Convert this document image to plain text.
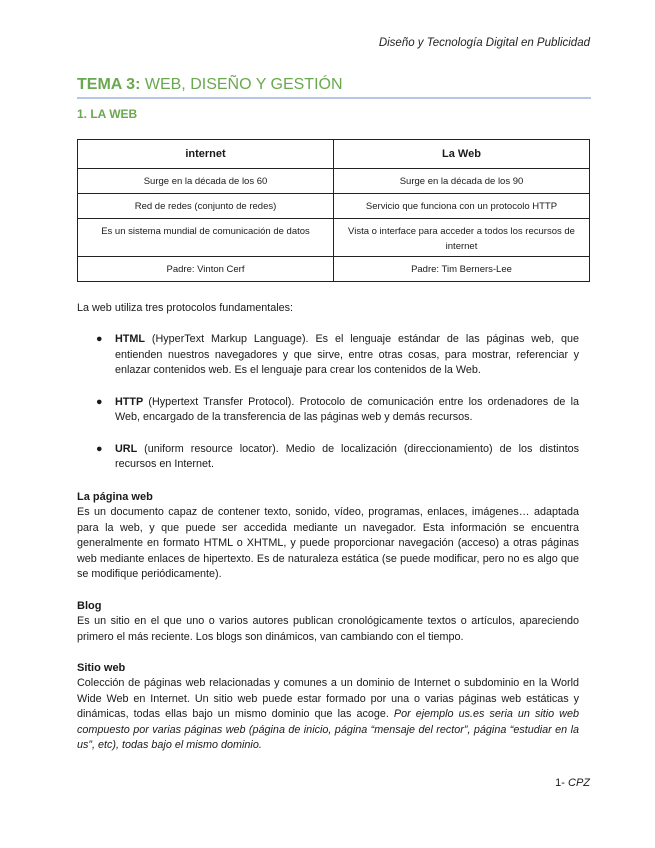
Diseño y Tecnología Digital en Publicidad
TEMA 3: WEB, DISEÑO Y GESTIÓN
1. LA WEB
internet	La Web
Surge en la década de los 60	Surge en la década de los 90
Red de redes (conjunto de redes)	Servicio que funciona con un protocolo HTTP
Es un sistema mundial de comunicación de datos	Vista o interface para acceder a todos los recursos de internet
Padre: Vinton Cerf	Padre: Tim Berners-Lee
La web utiliza tres protocolos fundamentales:
● HTML (HyperText Markup Language). Es el lenguaje estándar de las páginas web, que entienden nuestros navegadores y que sirve, entre otras cosas, para mostrar, referenciar y enlazar contenidos web. Es el lenguaje para crear los contenidos de la Web.
● HTTP (Hypertext Transfer Protocol). Protocolo de comunicación entre los ordenadores de la Web, encargado de la transferencia de las páginas web y demás recursos.
● URL (uniform resource locator). Medio de localización (direccionamiento) de los distintos recursos en Internet.
La página web
Es un documento capaz de contener texto, sonido, vídeo, programas, enlaces, imágenes… adaptada para la web, y que puede ser accedida mediante un navegador. Esta información se encuentra generalmente en formato HTML o XHTML, y puede proporcionar navegación (acceso) a otras páginas web mediante enlaces de hipertexto. Es de naturaleza estática (se puede modificar, pero no es algo que se modifique periódicamente).
Blog
Es un sitio en el que uno o varios autores publican cronológicamente textos o artículos, apareciendo primero el más reciente. Los blogs son dinámicos, van cambiando con el tiempo.
Sitio web
Colección de páginas web relacionadas y comunes a un dominio de Internet o subdominio en la World Wide Web en Internet. Un sitio web puede estar formado por una o varias páginas web estáticas y dinámicas, todas ellas bajo un mismo dominio que las acoge. Por ejemplo us.es seria un sitio web compuesto por varias páginas web (página de inicio, página “mensaje del rector”, página “estudiar en la us”, etc), todas bajo el mismo dominio.
1- CPZ
